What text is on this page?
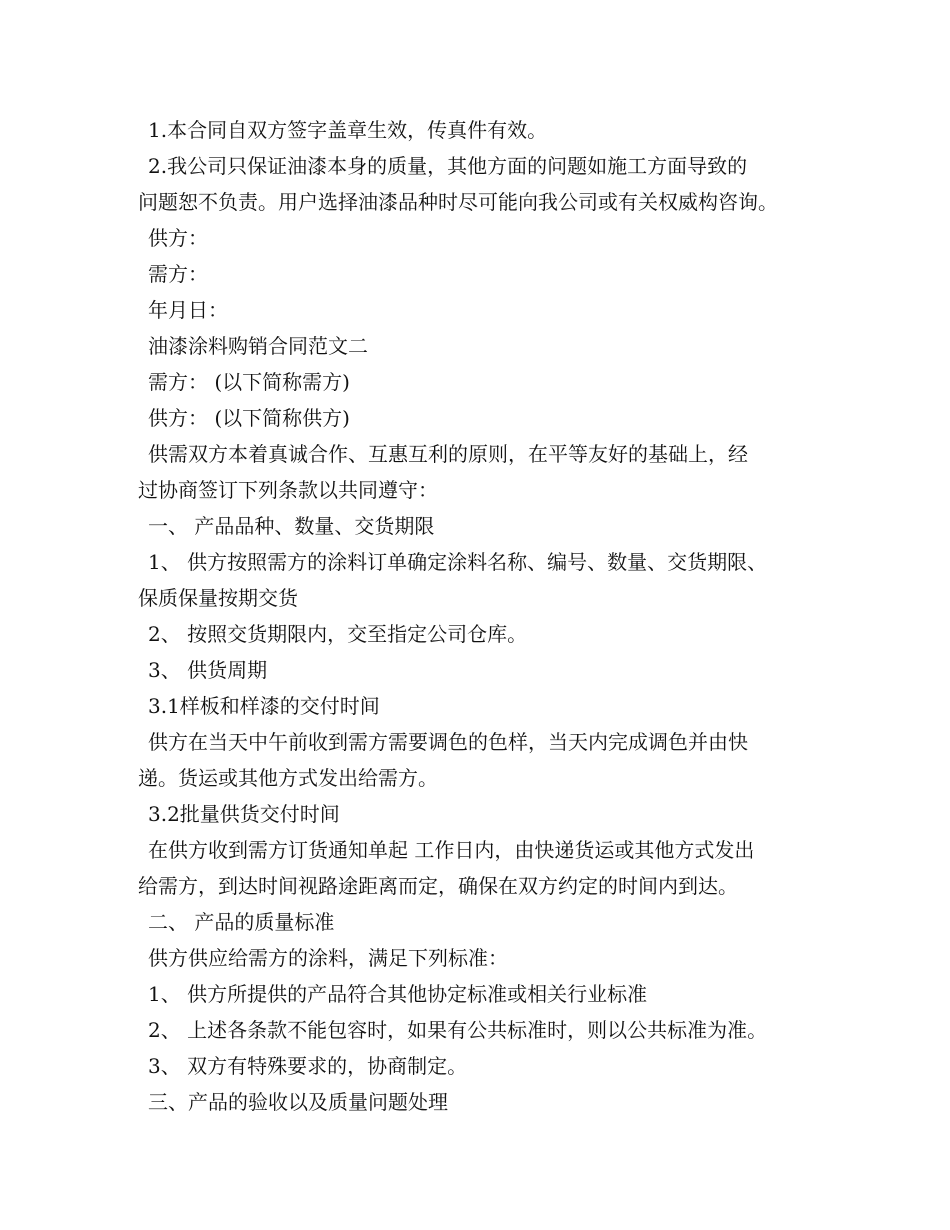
1.本合同自双方签字盖章生效，传真件有效。

2.我公司只保证油漆本身的质量，其他方面的问题如施工方面导致的

问题恕不负责。用户选择油漆品种时尽可能向我公司或有关权威构咨询。

供方：

需方：

年月日：

油漆涂料购销合同范文二

需方： (以下简称需方)

供方： (以下简称供方)

供需双方本着真诚合作、互惠互利的原则，在平等友好的基础上，经

过协商签订下列条款以共同遵守：

一、 产品品种、数量、交货期限

1、 供方按照需方的涂料订单确定涂料名称、编号、数量、交货期限、

保质保量按期交货

2、 按照交货期限内，交至指定公司仓库。

3、 供货周期

3.1样板和样漆的交付时间

供方在当天中午前收到需方需要调色的色样，当天内完成调色并由快

递。货运或其他方式发出给需方。

3.2批量供货交付时间

在供方收到需方订货通知单起 工作日内，由快递货运或其他方式发出

给需方，到达时间视路途距离而定，确保在双方约定的时间内到达。

二、 产品的质量标准

供方供应给需方的涂料，满足下列标准：

1、 供方所提供的产品符合其他协定标准或相关行业标准

2、 上述各条款不能包容时，如果有公共标准时，则以公共标准为准。

3、 双方有特殊要求的，协商制定。

三、产品的验收以及质量问题处理
